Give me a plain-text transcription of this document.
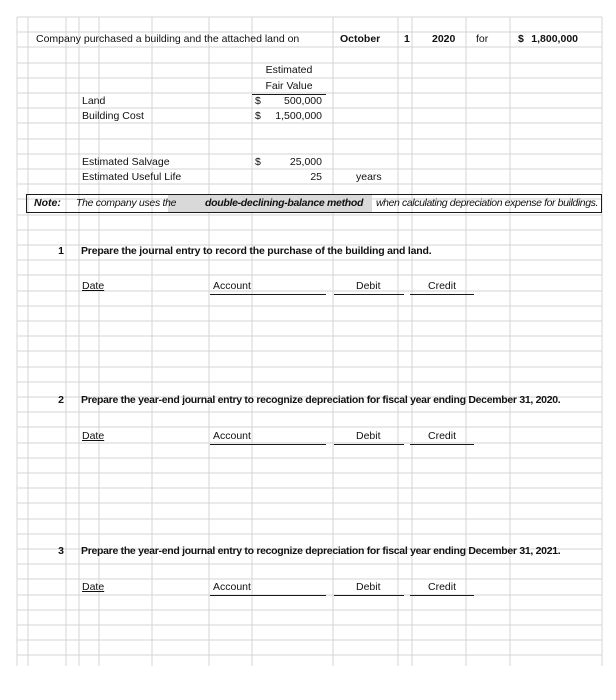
Company purchased a building and the attached land on	October 1 2020 for	$ 1,800,000
Estimated
Fair Value
Land	$	500,000
Building Cost	$	1,500,000
Estimated Salvage	$	25,000
Estimated Useful Life	25	years
Note: The company uses the	double-declining-balance method when calculating depreciation expense for buildings.
1 Prepare the journal entry to record the purchase of the building and land.
Date	Account	Debit	Credit
2 Prepare the year-end journal entry to recognize depreciation for fiscal year ending December 31, 2020.
Date	Account	Debit	Credit
3 Prepare the year-end journal entry to recognize depreciation for fiscal year ending December 31, 2021.
Date	Account	Debit	Credit
